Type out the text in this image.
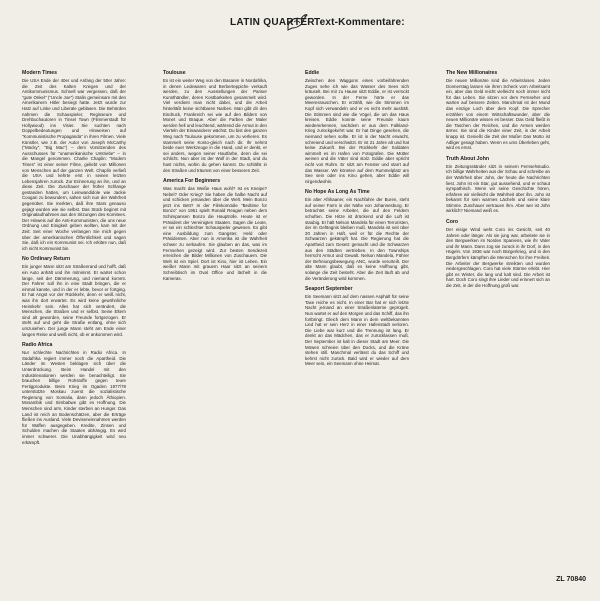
LATIN QUARTER Text-Kommentare:
Modern Times

Die USA Ende der 40er und Anfang der 50er Jahre: die Zeit des Kalten Krieges und der Antikommunismus. Schnell war vergessen, daß der "gute Onkel" ("Uncle Joe") Stalin gemeinsam mit den Amerikanern Hitler besiegt hatte. Jetzt wurde zur Hatz auf Linke und Liberale geblasen. Die Behörden nahmen die Schauspieler, Regisseure und Drehbuchautoren in Tinsel Town (Flimmerstadt für Hollywood) ins Visier. Sie suchten nach Doppelbedeutungen und Hinweisen auf "Kommunistische Propaganda" in ihren Filmen. Viele Künstler, wie z.B. der Autor von Joseph McCarthy ("Macky", "Big Mac") – dem Vorsitzenden des Ausschusses für "unamerikanische Umtriebe" – in die Mangel genommen. Charlie Chaplin: "Modern Times" ist einer seiner Filme, geliebt von Millionen von Menschen auf der ganzen Welt. Chaplin verließ die USA und kehrte erst in seinen letzten Lebensjahren zurück. Zur Erinnerung an ihn, und an diese Zeit. Die Zuschauer der früher Schlange gestanden hatten, um Leinwandidole wie Jackie Coogan zu bewundern, sahen sich nun der Wahrheit gegenüber. Sie merkten, daß ihre Stars genauso gejagt wurden wie sie selbst. Das Stück beginnt mit Originalaufnahmen aus den Sitzungen des Komitees. Der Hinweis auf die Anti-Kommunisten, die uns neue Ordnung und Einigkeit geben wollten, kam mit der Zeit: Seit einer Woche verlangen Sie mich gegen über der amerikanischen Öffentlichkeit und sagen Sie, daß ich ein Kommunist sei. Ich erkläre nun, daß ich nicht Kommunist bin.

No Ordinary Return

Ein junger Mann sitzt am Straßenrand und hofft, daß ein Auto anhält und ihn mitnimmt. Er wartet schon lange, seit der Dämmerung, und niemand kommt. Der Fahrer soll ihn in eine Stadt bringen, die er einmal kannte, und in der er lebte, bevor er fortging. Er hat Angst vor der Rückkehr, denn er weiß nicht, was ihn dort erwartet. Es wird keine gewöhnliche Heimkehr sein. Alles hat sich verändert, die Menschen, die Straßen und er selbst. Seine Eltern sind alt geworden, seine Freunde fortgezogen. Er steht auf und geht die Straße entlang, ohne sich umzusehen. Der junge Mann steht am Ende einer langen Reise und weiß nicht, ob er ankommen wird.

Radio Africa

Nur schlechte Nachrichten in Radio Africa. In Südafrika regiert immer noch die Apartheid. Die Länder im Westen beklagen sich über die Unterdrückung. Beim Handel mit den Industrienationen werden sie benachteiligt. Sie brauchen billige Rohstoffe gegen teure Fertigprodukte. Beim Krieg im Ogaden 1977/78 unterstützte Moskau zuerst die sozialistische Regierung von Somalia, dann jedoch Äthiopien. Mosambik und Simbabwe gibt es Hoffnung. Die Menschen sind arm, Kinder sterben an Hunger. Das Land ist reich an Bodenschätzen, aber die Erträge fließen ins Ausland. Viele Deviseneinnahmen werden für Waffen ausgegeben. Kredite, Zinsen und Schulden machen die Staaten abhängig. Es wird immer schwerer. Die Unabhängigkeit wird neu erkämpft.

Toulouse

Es ist ein weiter Weg von den Basaren in Nordafrika, in denen Ledewaren und Berberteppiche verkauft werden, zu den Ausstellungen der Pariser Kunsthändler, deren Kostbarkeiten gesammelt wird. Viel verdient man nicht dabei, und die Arbeit hinterläßt keine sichtbaren Narben. Man gibt dir den Eindruck, Frankreich sei wie auf den Bildern von Monet und Braque. Aber die Farben der Maler werden hell und leuchtend, während die Armut in den Vierteln der Einwanderer wächst. Du bist den ganzen Weg nach Toulouse gekommen, um zu verlieren. Es stammelt seine Konto-gleich nach dir. Ihr nehmt beide euer Werkzeuge in die Hand, und er denkt, er sei anders, wegen seiner Hautfarbe, denn die sei schlicht. Nun aber ist der Wolf in der Stadt, und du hast nichts, wohin du gehen kannst. Du schläfst in den Straßen und träumst von einer besseren Zeit.

America For Beginners

Was macht das Weiße Haus wohl? Ist es Kneipe? Nebel? Oder Krieg? Sie haben die halbe Nacht auf und schicken jemanden über die Welt. Mein Bonzo jetzt ins Bett? In der Filmkomödie "Bedtime for Bonzo" von 1951 spielt Ronald Reagan neben dem Schimpansen Bonzo die Hauptrolle. Heute ist er Präsident der Vereinigten Staaten. Sagen die Leute, er sei ein schlechter Schauspieler gewesen. Es gibt eine Ausbildung zum Gangster, Held oder Präsidenten. Aber nun in Amerika ist die Wahrheit schwer zu verkaufen. Sie glauben an das, was im Fernsehen gezeigt wird. Zur besten Sendezeit erreichen die Bilder Millionen von Zuschauern. Die Welt ist ein Spiel. Dort ist Kino, hier ist Leben. Ein weißer Mann mit grauem Haar sitzt an seinem Schreibtisch im Oval Office und lächelt in die Kameras.

Eddie

Zwischen den Waggons eines vorbeifahrenden Zuges sehe ich wie das Wasser des Sees sich kräuselt. Bei mir zu Hause sitzt Eddie, er ist verrückt geworden. In der Ferne hörte er das Meeresrauschen. Er erzählt, wie die Stimmen im Kopf sich verwandeln und er es nicht mehr aushält. Die Stimmen sind wie die Vögel, die um das Haus kreisen. Eddie konnte seine Freunde kaum wiedererkennen, nachdem er aus dem Falkland-Krieg zurückgekehrt war. Er hat Dinge gesehen, die niemand sehen sollte. Er ist in der Nacht erwacht, schreiend und verschwitzt. Er ist 21 Jahre alt und hat keine Zukunft. Bei der Rückkehr der Soldaten wimmelt es im Hafen von Fotografen. Die Mütter weinen und die Väter sind stolz. Eddie aber spricht nicht von Ruhm. Er sitzt am Fenster und starrt auf das Wasser. Wir könnten auf dem Rummelplatz am See sein oder ins Kino gehen, aber Eddie will nirgendwohin.

No Hope As Long As Time

Ein alter Afrikaaner, ein Nachfahre der Buren, steht auf seiner Farm in der Nähe von Johannesburg. Er betrachtet seine Arbeiter, die auf den Feldern schuften. Die Hitze ist drückend und die Luft ist staubig. Er hält Nelson Mandela für einen Terroristen, der im Gefängnis bleiben muß. Mandela ist seit über 20 Jahren in Haft, weil er für die Rechte der Schwarzen gekämpft hat. Die Regierung hat die Apartheid zum Gesetz gemacht und die Schwarzen aus den Städten vertrieben. In den Townships herrscht Armut und Gewalt. Nelson Mandela, Führer der Befreiungsbewegung ANC, wurde verurteilt. Der alte Mann glaubt, daß es keine Hoffnung gibt, solange die Zeit besteht. Aber die Zeit läuft ab und die Veränderung wird kommen.

Seaport September

Ein Seemann sitzt auf dem nassen Asphalt für seine Taxe reiche es nicht. In einer Bar hat er sich letzte Nacht jemand an einer Straßenlaterne geprügelt. Nun wartet er auf den Morgen und das Schiff, das ihn fortbringt. Gleich dem Mann in dem weltbekannten Lied hat er sein Herz in einer Hafenstadt verloren. Die Liebe war kurz und die Trennung ist lang. Er denkt an das Mädchen, das er zurücklassen muß. Der September ist kalt in dieser Stadt am Meer. Die Möwen schreien über den Docks, und die Kräne stehen still. Manchmal verlässt du das Schiff und kehrst nicht zurück. Bald wird er wieder auf dem Meer sein, ein Seemann ohne Heimat.

The New Millionaires

Die neuen Millionäre sind die Arbeitslosen. Jeden Donnerstag lassen sie ihren Scheck vom Arbeitsamt ein, aber das Geld reicht vielleicht noch immer nicht für das Leben. Sie sitzen vor dem Fernseher und warten auf bessere Zeiten. Manchmal ist der Mund das einzige Loch über dem Kopf. Die Sprecher erzählen von einem Wirtschaftswunder, aber die neuen Millionäre wissen es besser. Das Geld fließt in die Taschen der Reichen, und die Armen werden ärmer. Sie sind die Kinder einer Zeit, in der Arbeit knapp ist. Genießt die Zeit der Muße! Das Motto ist Adliger gesagt haben. Wenn es ums Überleben geht, wird es ernst.

Truth About John

Ein Zeitungsständer sitzt in seinem Fernsehstudio. Ich billige Wahrheiten aus der Schau und schreibe an der Wahrheit über John, der heute die Nachrichten liest. John ist ein Star, gut aussehend, und er schaut sympathisch. Wenn wir seine Geschichte hören, erfahren wir vielleicht die Wahrheit über ihn. John ist bekannt für sein warmes Lächeln und seine klare Stimme. Zuschauer vertrauen ihm. Aber wer ist John wirklich? Niemand weiß es.

Coro

Der eisige Wind weht Coro ins Gesicht, seit 40 Jahren oder länger. Als sie jung war, arbeitete sie in den Bergwerken im Norden Spaniens, wie ihr Vater und ihr Mann. Dann zog sie zurück in ihr Dorf, in den Hügeln. Von 1936 war noch Bürgerkrieg, und in den Bergdörfern kämpften die Menschen für ihre Freiheit. Die Arbeiter der Bergwerke streikten und wurden niedergeschlagen. Coro hat viele Stürme erlebt. Hier gibt es Winter, die lang und kalt sind. Die Arbeit ist hart. Doch Coro singt ihre Lieder und erinnert sich an die Zeit, in der die Hoffnung groß war.

ZL 70840
